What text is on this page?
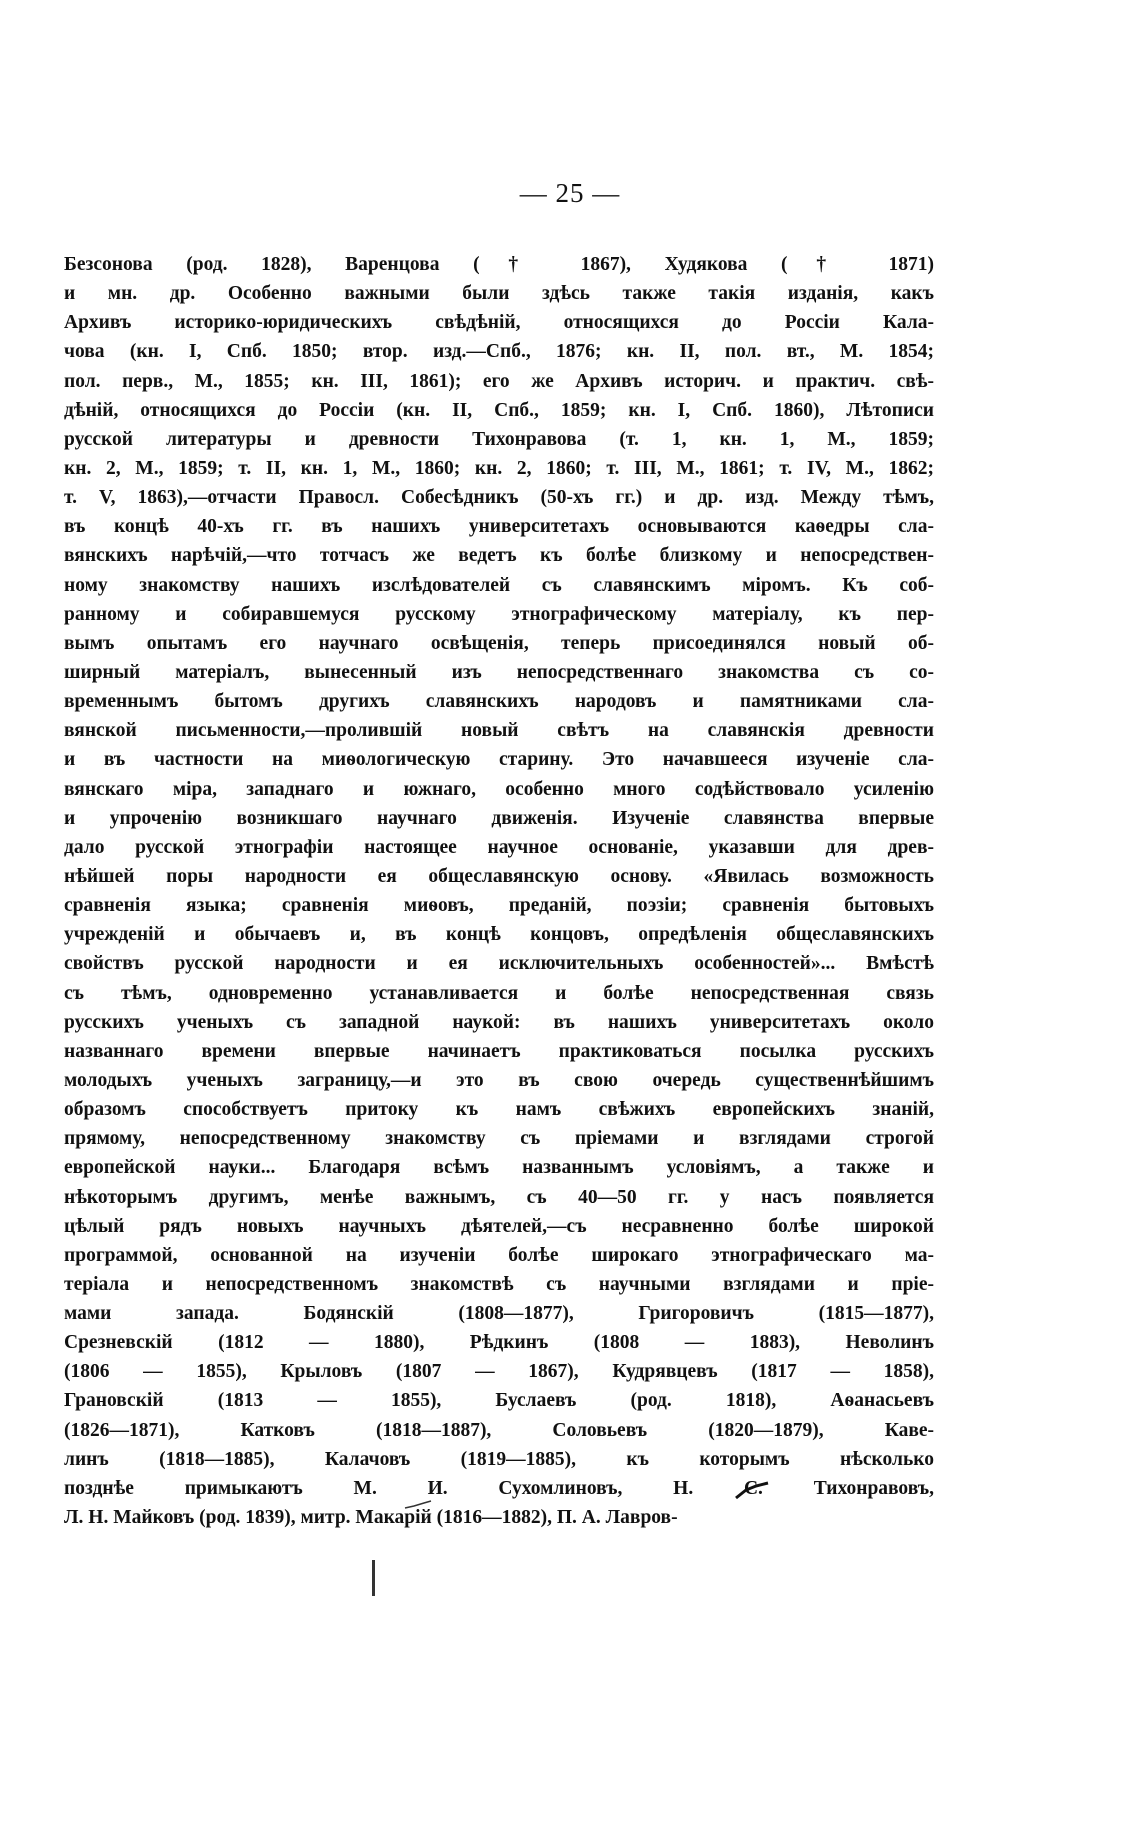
— 25 —
Безсонова (род. 1828), Варенцова († 1867), Худякова († 1871)
и мн. др. Особенно важными были здѣсь также такія изданія, какъ
Архивъ историко-юридическихъ свѣдѣній, относящихся до Россіи Кала-
чова (кн. I, Спб. 1850; втор. изд.—Спб., 1876; кн. II, пол. вт., М. 1854;
пол. перв., М., 1855; кн. III, 1861); его же Архивъ историч. и практич. свѣ-
дѣній, относящихся до Россіи (кн. II, Спб., 1859; кн. I, Спб. 1860), Лѣтописи
русской литературы и древности Тихонравова (т. 1, кн. 1, М., 1859;
кн. 2, М., 1859; т. II, кн. 1, М., 1860; кн. 2, 1860; т. III, М., 1861; т. IV, М., 1862;
т. V, 1863),—отчасти Правосл. Собесѣдникъ (50-хъ гг.) и др. изд. Между тѣмъ,
въ концѣ 40-хъ гг. въ нашихъ университетахъ основываются каѳедры сла-
вянскихъ нарѣчій,—что тотчасъ же ведетъ къ болѣе близкому и непосредствен-
ному знакомству нашихъ изслѣдователей съ славянскимъ міромъ. Къ соб-
ранному и собиравшемуся русскому этнографическому матеріалу, къ пер-
вымъ опытамъ его научнаго освѣщенія, теперь присоединялся новый об-
ширный матеріалъ, вынесенный изъ непосредственнаго знакомства съ со-
временнымъ бытомъ другихъ славянскихъ народовъ и памятниками сла-
вянской письменности,—пролившій новый свѣтъ на славянскія древности
и въ частности на миѳологическую старину. Это начавшееся изученіе сла-
вянскаго міра, западнаго и южнаго, особенно много содѣйствовало усиленію
и упроченію возникшаго научнаго движенія. Изученіе славянства впервые
дало русской этнографіи настоящее научное основаніе, указавши для древ-
нѣйшей поры народности ея общеславянскую основу. «Явилась возможность
сравненія языка; сравненія миѳовъ, преданій, поэзіи; сравненія бытовыхъ
учрежденій и обычаевъ и, въ концѣ концовъ, опредѣленія общеславянскихъ
свойствъ русской народности и ея исключительныхъ особенностей»... Вмѣстѣ
съ тѣмъ, одновременно устанавливается и болѣе непосредственная связь
русскихъ ученыхъ съ западной наукой: въ нашихъ университетахъ около
названнаго времени впервые начинаетъ практиковаться посылка русскихъ
молодыхъ ученыхъ заграницу,—и это въ свою очередь существеннѣйшимъ
образомъ способствуетъ притоку къ намъ свѣжихъ европейскихъ знаній,
прямому, непосредственному знакомству съ пріемами и взглядами строгой
европейской науки... Благодаря всѣмъ названнымъ условіямъ, а также и
нѣкоторымъ другимъ, менѣе важнымъ, съ 40—50 гг. у насъ появляется
цѣлый рядъ новыхъ научныхъ дѣятелей,—съ несравненно болѣе широкой
программой, основанной на изученіи болѣе широкаго этнографическаго ма-
теріала и непосредственномъ знакомствѣ съ научными взглядами и пріе-
мами запада. Бодянскій (1808—1877), Григоровичъ (1815—1877),
Срезневскій (1812 — 1880), Рѣдкинъ (1808 — 1883), Неволинъ
(1806 — 1855), Крыловъ (1807 — 1867), Кудрявцевъ (1817 — 1858),
Грановскій (1813 — 1855), Буслаевъ (род. 1818), Аѳанасьевъ
(1826—1871), Катковъ (1818—1887), Соловьевъ (1820—1879), Каве-
линъ (1818—1885), Калачовъ (1819—1885), къ которымъ нѣсколько
позднѣе примыкаютъ М. И. Сухомлиновъ, Н. С. Тихонравовъ,
Л. Н. Майковъ (род. 1839), митр. Макарій (1816—1882), П. А. Лавров-
